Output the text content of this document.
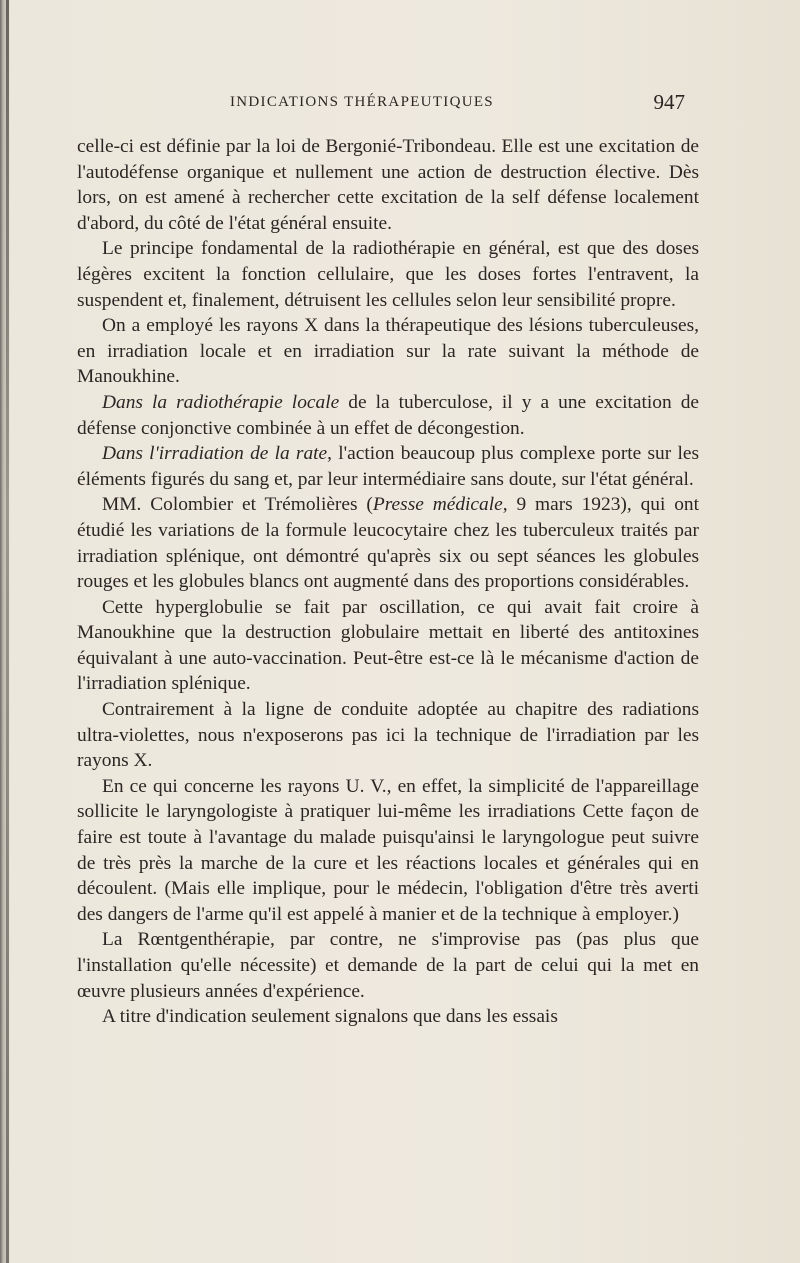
INDICATIONS THÉRAPEUTIQUES	947

celle-ci est définie par la loi de Bergonié-Tribondeau. Elle est une excitation de l'autodéfense organique et nullement une action de destruction élective. Dès lors, on est amené à rechercher cette excitation de la self défense localement d'abord, du côté de l'état général ensuite.

Le principe fondamental de la radiothérapie en général, est que des doses légères excitent la fonction cellulaire, que les doses fortes l'entravent, la suspendent et, finalement, détruisent les cellules selon leur sensibilité propre.

On a employé les rayons X dans la thérapeutique des lésions tuberculeuses, en irradiation locale et en irradiation sur la rate suivant la méthode de Manoukhine.

Dans la radiothérapie locale de la tuberculose, il y a une excitation de défense conjonctive combinée à un effet de décongestion.

Dans l'irradiation de la rate, l'action beaucoup plus complexe porte sur les éléments figurés du sang et, par leur intermédiaire sans doute, sur l'état général.

MM. Colombier et Trémolières (Presse médicale, 9 mars 1923), qui ont étudié les variations de la formule leucocytaire chez les tuberculeux traités par irradiation splénique, ont démontré qu'après six ou sept séances les globules rouges et les globules blancs ont augmenté dans des proportions considérables.

Cette hyperglobulie se fait par oscillation, ce qui avait fait croire à Manoukhine que la destruction globulaire mettait en liberté des antitoxines équivalant à une auto-vaccination. Peut-être est-ce là le mécanisme d'action de l'irradiation splénique.

Contrairement à la ligne de conduite adoptée au chapitre des radiations ultra-violettes, nous n'exposerons pas ici la technique de l'irradiation par les rayons X.

En ce qui concerne les rayons U. V., en effet, la simplicité de l'appareillage sollicite le laryngologiste à pratiquer lui-même les irradiations Cette façon de faire est toute à l'avantage du malade puisqu'ainsi le laryngologue peut suivre de très près la marche de la cure et les réactions locales et générales qui en découlent. (Mais elle implique, pour le médecin, l'obligation d'être très averti des dangers de l'arme qu'il est appelé à manier et de la technique à employer.)

La Rœntgenthérapie, par contre, ne s'improvise pas (pas plus que l'installation qu'elle nécessite) et demande de la part de celui qui la met en œuvre plusieurs années d'expérience.

A titre d'indication seulement signalons que dans les essais
